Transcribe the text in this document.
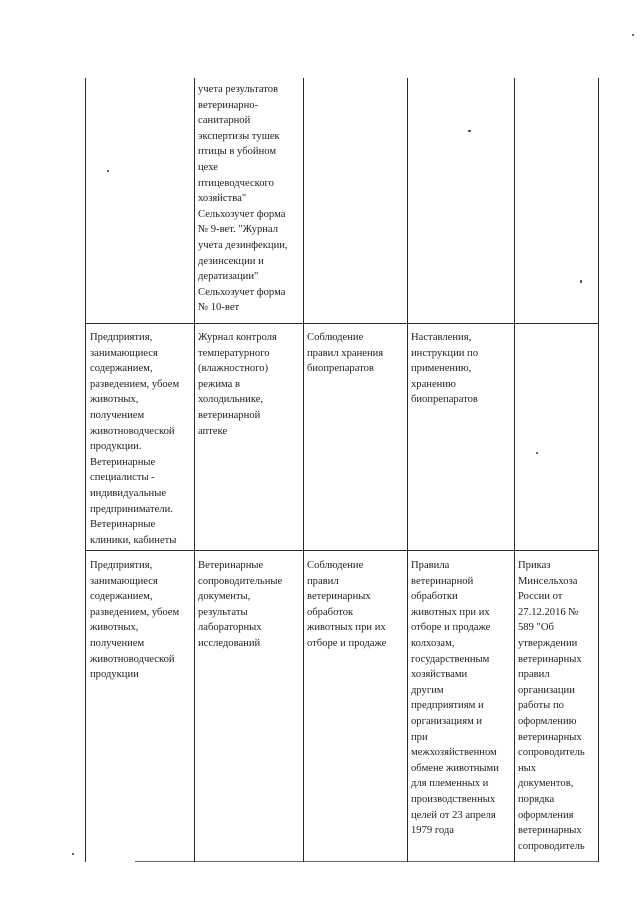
учета результатов
ветеринарно-
санитарной
экспертизы тушек
птицы в убойном
цехе
птицеводческого
хозяйства"
Сельхозучет форма
№ 9-вет. "Журнал
учета дезинфекции,
дезинсекции и
дератизации"
Сельхозучет форма
№ 10-вет
Предприятия,
занимающиеся
содержанием,
разведением, убоем
животных,
получением
животноводческой
продукции.
Ветеринарные
специалисты -
индивидуальные
предприниматели.
Ветеринарные
клиники, кабинеты
Журнал контроля
температурного
(влажностного)
режима в
холодильнике,
ветеринарной
аптеке
Соблюдение
правил хранения
биопрепаратов
Наставления,
инструкции по
применению,
хранению
биопрепаратов
Предприятия,
занимающиеся
содержанием,
разведением, убоем
животных,
получением
животноводческой
продукции
Ветеринарные
сопроводительные
документы,
результаты
лабораторных
исследований
Соблюдение
правил
ветеринарных
обработок
животных при их
отборе и продаже
Правила
ветеринарной
обработки
животных при их
отборе и продаже
колхозам,
государственным
хозяйствами
другим
предприятиям и
организациям и
при
межхозяйственном
обмене животными
для племенных и
производственных
целей от 23 апреля
1979 года
Приказ
Минсельхоза
России от
27.12.2016 №
589 "Об
утверждении
ветеринарных
правил
организации
работы по
оформлению
ветеринарных
сопроводитель
ных
документов,
порядка
оформления
ветеринарных
сопроводитель
